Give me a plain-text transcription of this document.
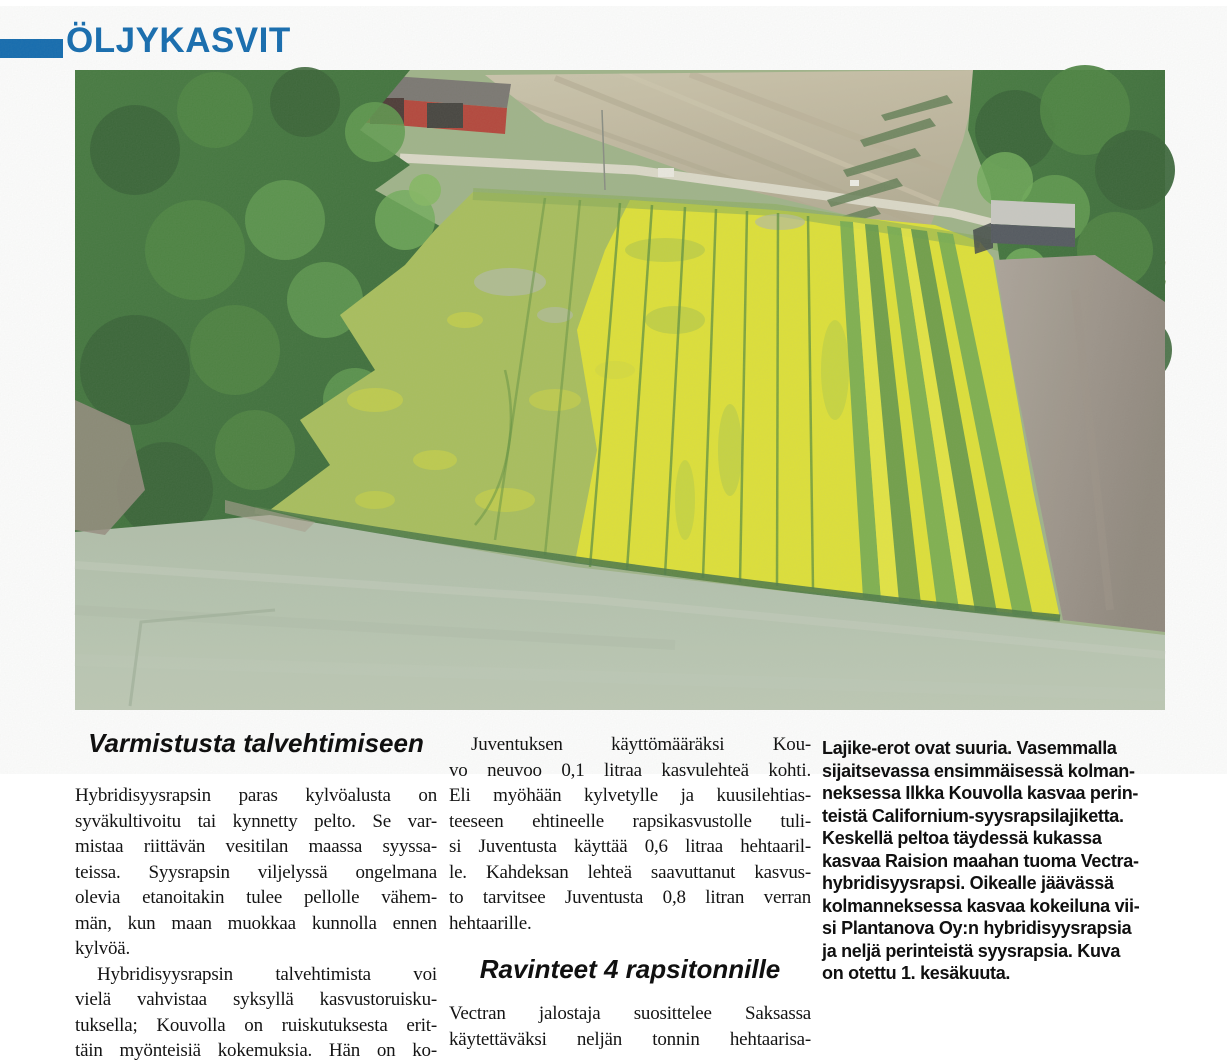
ÖLJYKASVIT
Varmistusta talvehtimiseen
Hybridisyysrapsin paras kylvöalusta on
syväkultivoitu tai kynnetty pelto. Se var-
mistaa riittävän vesitilan maassa syyssa-
teissa. Syysrapsin viljelyssä ongelmana
olevia etanoitakin tulee pellolle vähem-
män, kun maan muokkaa kunnolla ennen
kylvöä.
Hybridisyysrapsin talvehtimista voi
vielä vahvistaa syksyllä kasvustoruisku-
tuksella; Kouvolla on ruiskutuksesta erit-
täin myönteisiä kokemuksia. Hän on ko-
Juventuksen käyttömääräksi Kou-
vo neuvoo 0,1 litraa kasvulehteä kohti.
Eli myöhään kylvetylle ja kuusilehtias-
teeseen ehtineelle rapsikasvustolle tuli-
si Juventusta käyttää 0,6 litraa hehtaaril-
le. Kahdeksan lehteä saavuttanut kasvus-
to tarvitsee Juventusta 0,8 litran verran
hehtaarille.
Ravinteet 4 rapsitonnille
Vectran jalostaja suosittelee Saksassa
käytettäväksi neljän tonnin hehtaarisa-
Lajike-erot ovat suuria. Vasemmalla
sijaitsevassa ensimmäisessä kolman-
neksessa Ilkka Kouvolla kasvaa perin-
teistä Californium-syysrapsilajiketta.
Keskellä peltoa täydessä kukassa
kasvaa Raision maahan tuoma Vectra-
hybridisyysrapsi. Oikealle jäävässä
kolmanneksessa kasvaa kokeiluna vii-
si Plantanova Oy:n hybridisyysrapsia
ja neljä perinteistä syysrapsia. Kuva
on otettu 1. kesäkuuta.
